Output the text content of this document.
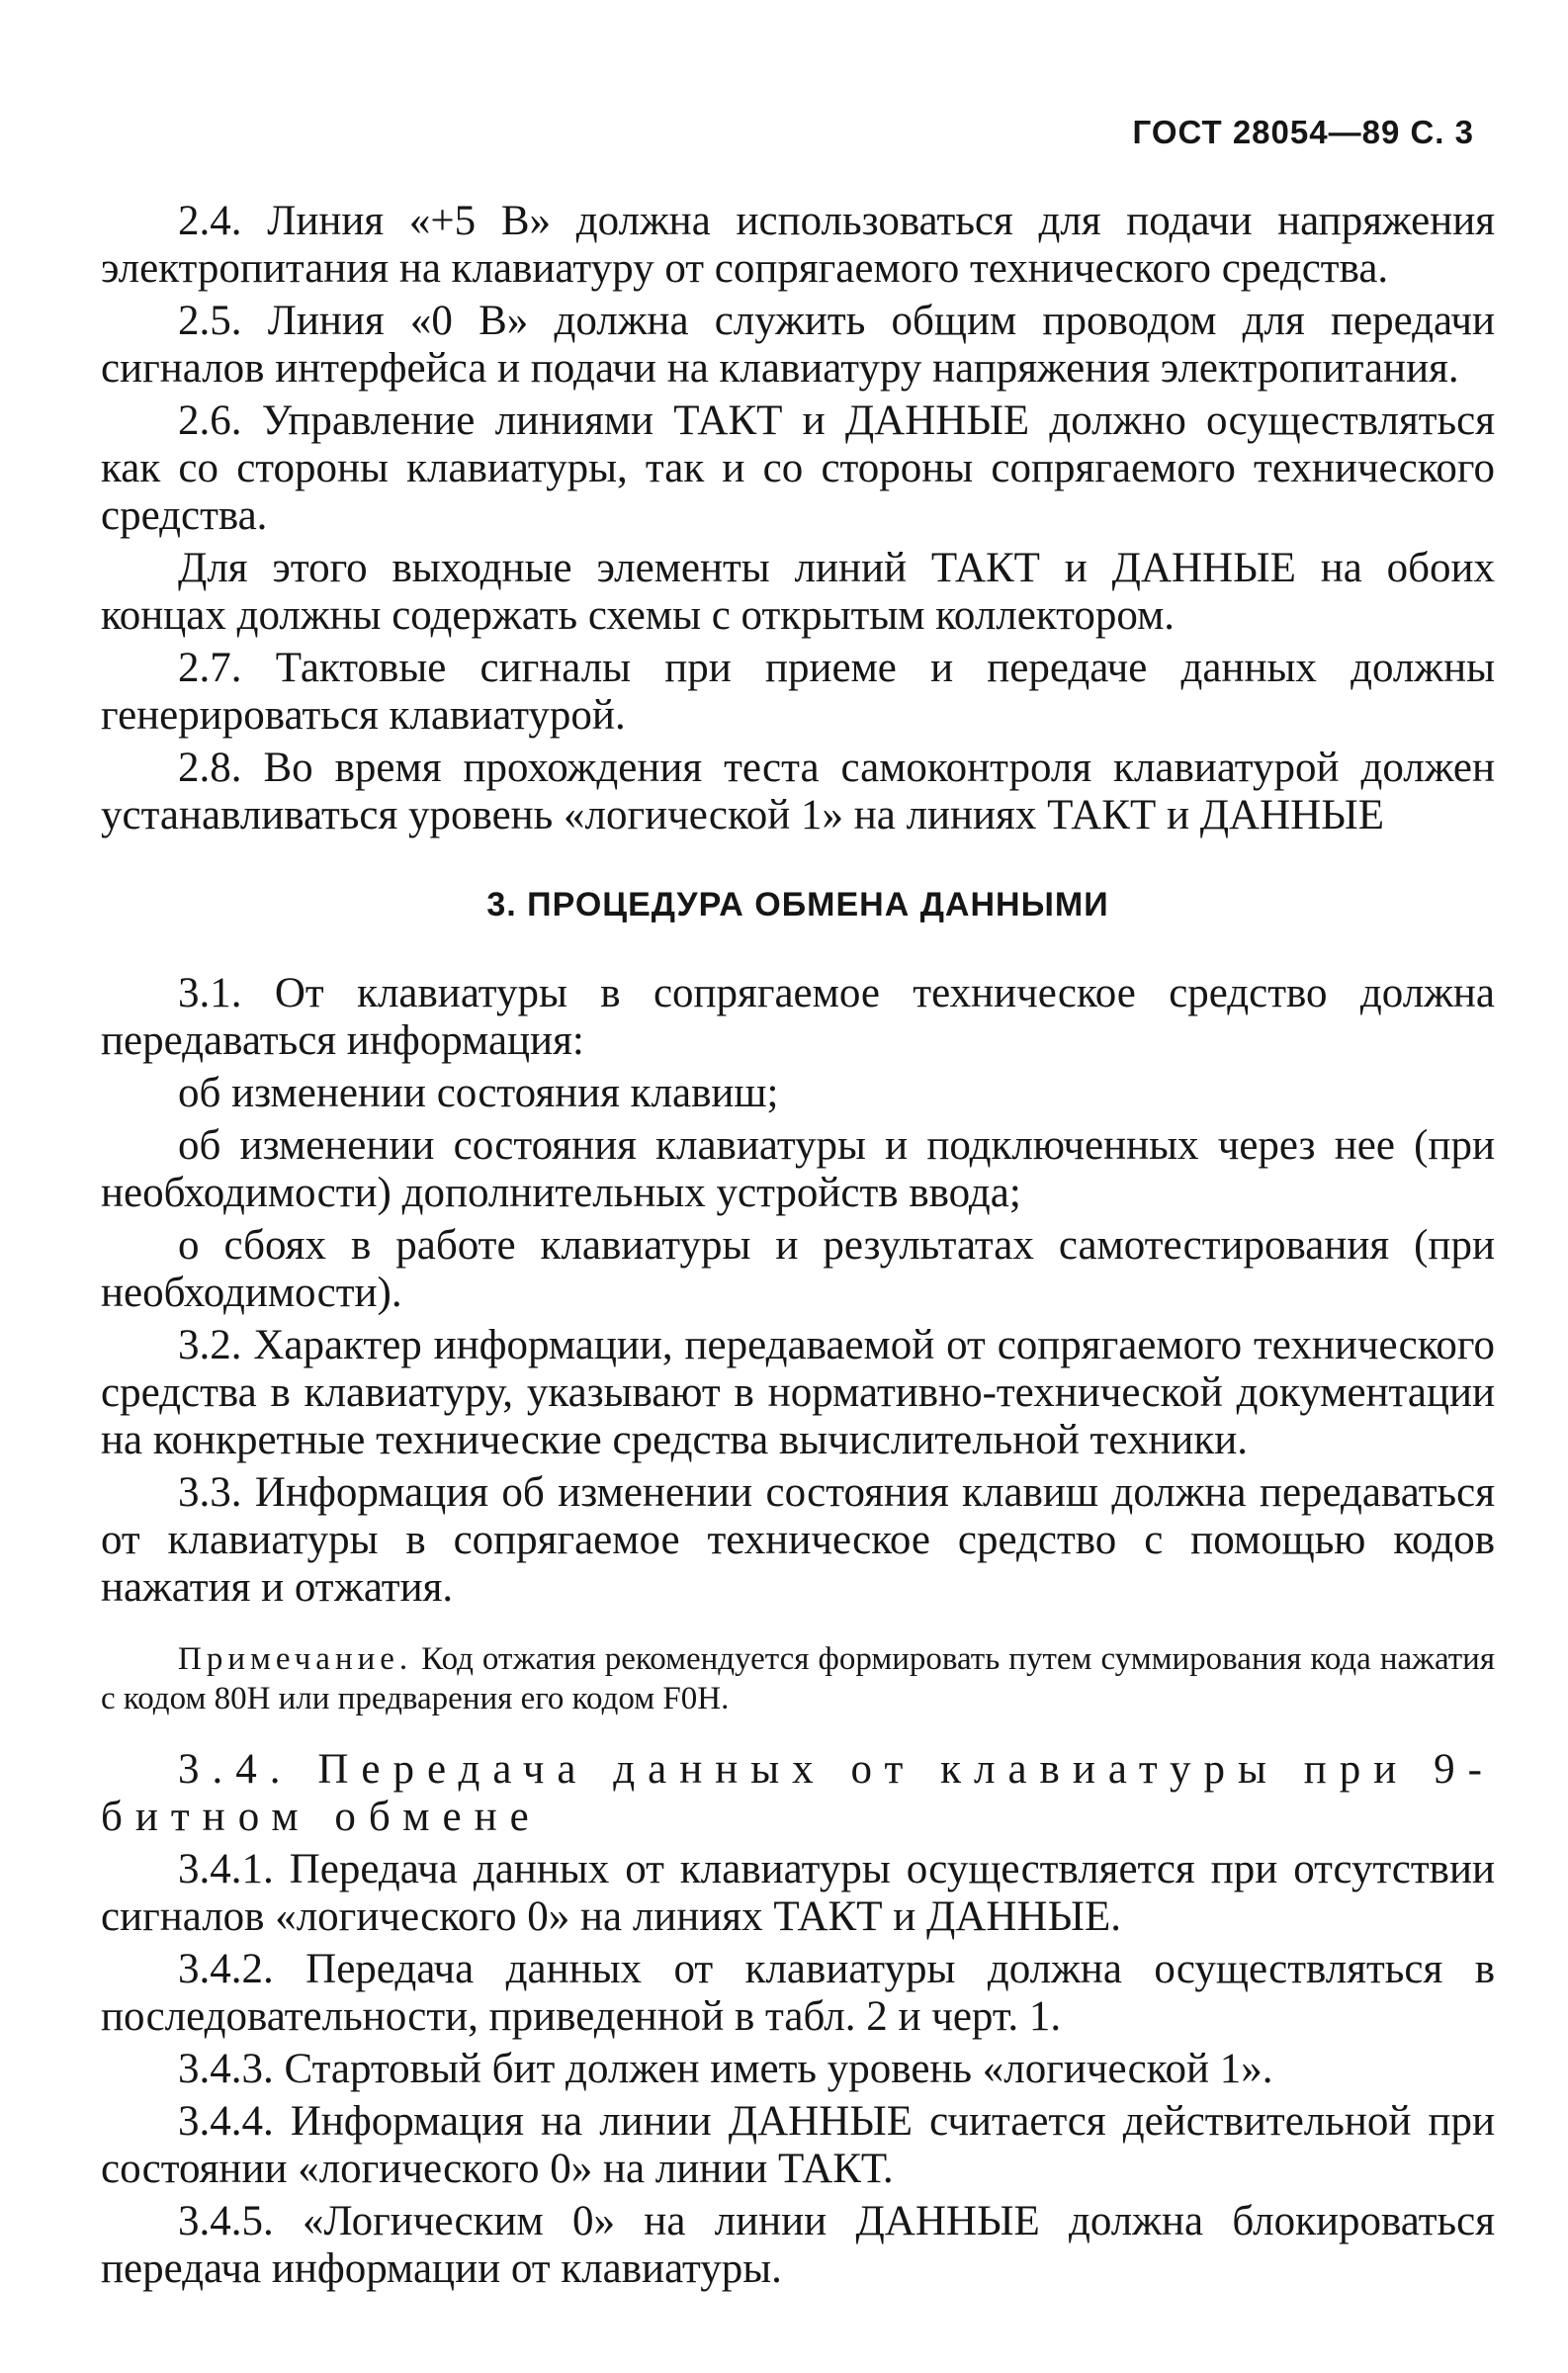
ГОСТ 28054—89 С. 3

2.4. Линия «+5 В» должна использоваться для подачи напряжения электропитания на клавиатуру от сопрягаемого технического средства.

2.5. Линия «0 В» должна служить общим проводом для передачи сигналов интерфейса и подачи на клавиатуру напряжения электропитания.

2.6. Управление линиями ТАКТ и ДАННЫЕ должно осуществляться как со стороны клавиатуры, так и со стороны сопрягаемого технического средства.

Для этого выходные элементы линий ТАКТ и ДАННЫЕ на обоих концах должны содержать схемы с открытым коллектором.

2.7. Тактовые сигналы при приеме и передаче данных должны генерироваться клавиатурой.

2.8. Во время прохождения теста самоконтроля клавиатурой должен устанавливаться уровень «логической 1» на линиях ТАКТ и ДАННЫЕ

3. ПРОЦЕДУРА ОБМЕНА ДАННЫМИ

3.1. От клавиатуры в сопрягаемое техническое средство должна передаваться информация:

об изменении состояния клавиш;

об изменении состояния клавиатуры и подключенных через нее (при необходимости) дополнительных устройств ввода;

о сбоях в работе клавиатуры и результатах самотестирования (при необходимости).

3.2. Характер информации, передаваемой от сопрягаемого технического средства в клавиатуру, указывают в нормативно-технической документации на конкретные технические средства вычислительной техники.

3.3. Информация об изменении состояния клавиш должна передаваться от клавиатуры в сопрягаемое техническое средство с помощью кодов нажатия и отжатия.

Примечание. Код отжатия рекомендуется формировать путем суммирования кода нажатия с кодом 80Н или предварения его кодом F0Н.

3.4. Передача данных от клавиатуры при 9-битном обмене

3.4.1. Передача данных от клавиатуры осуществляется при отсутствии сигналов «логического 0» на линиях ТАКТ и ДАННЫЕ.

3.4.2. Передача данных от клавиатуры должна осуществляться в последовательности, приведенной в табл. 2 и черт. 1.

3.4.3. Стартовый бит должен иметь уровень «логической 1».

3.4.4. Информация на линии ДАННЫЕ считается действительной при состоянии «логического 0» на линии ТАКТ.

3.4.5. «Логическим 0» на линии ДАННЫЕ должна блокироваться передача информации от клавиатуры.
